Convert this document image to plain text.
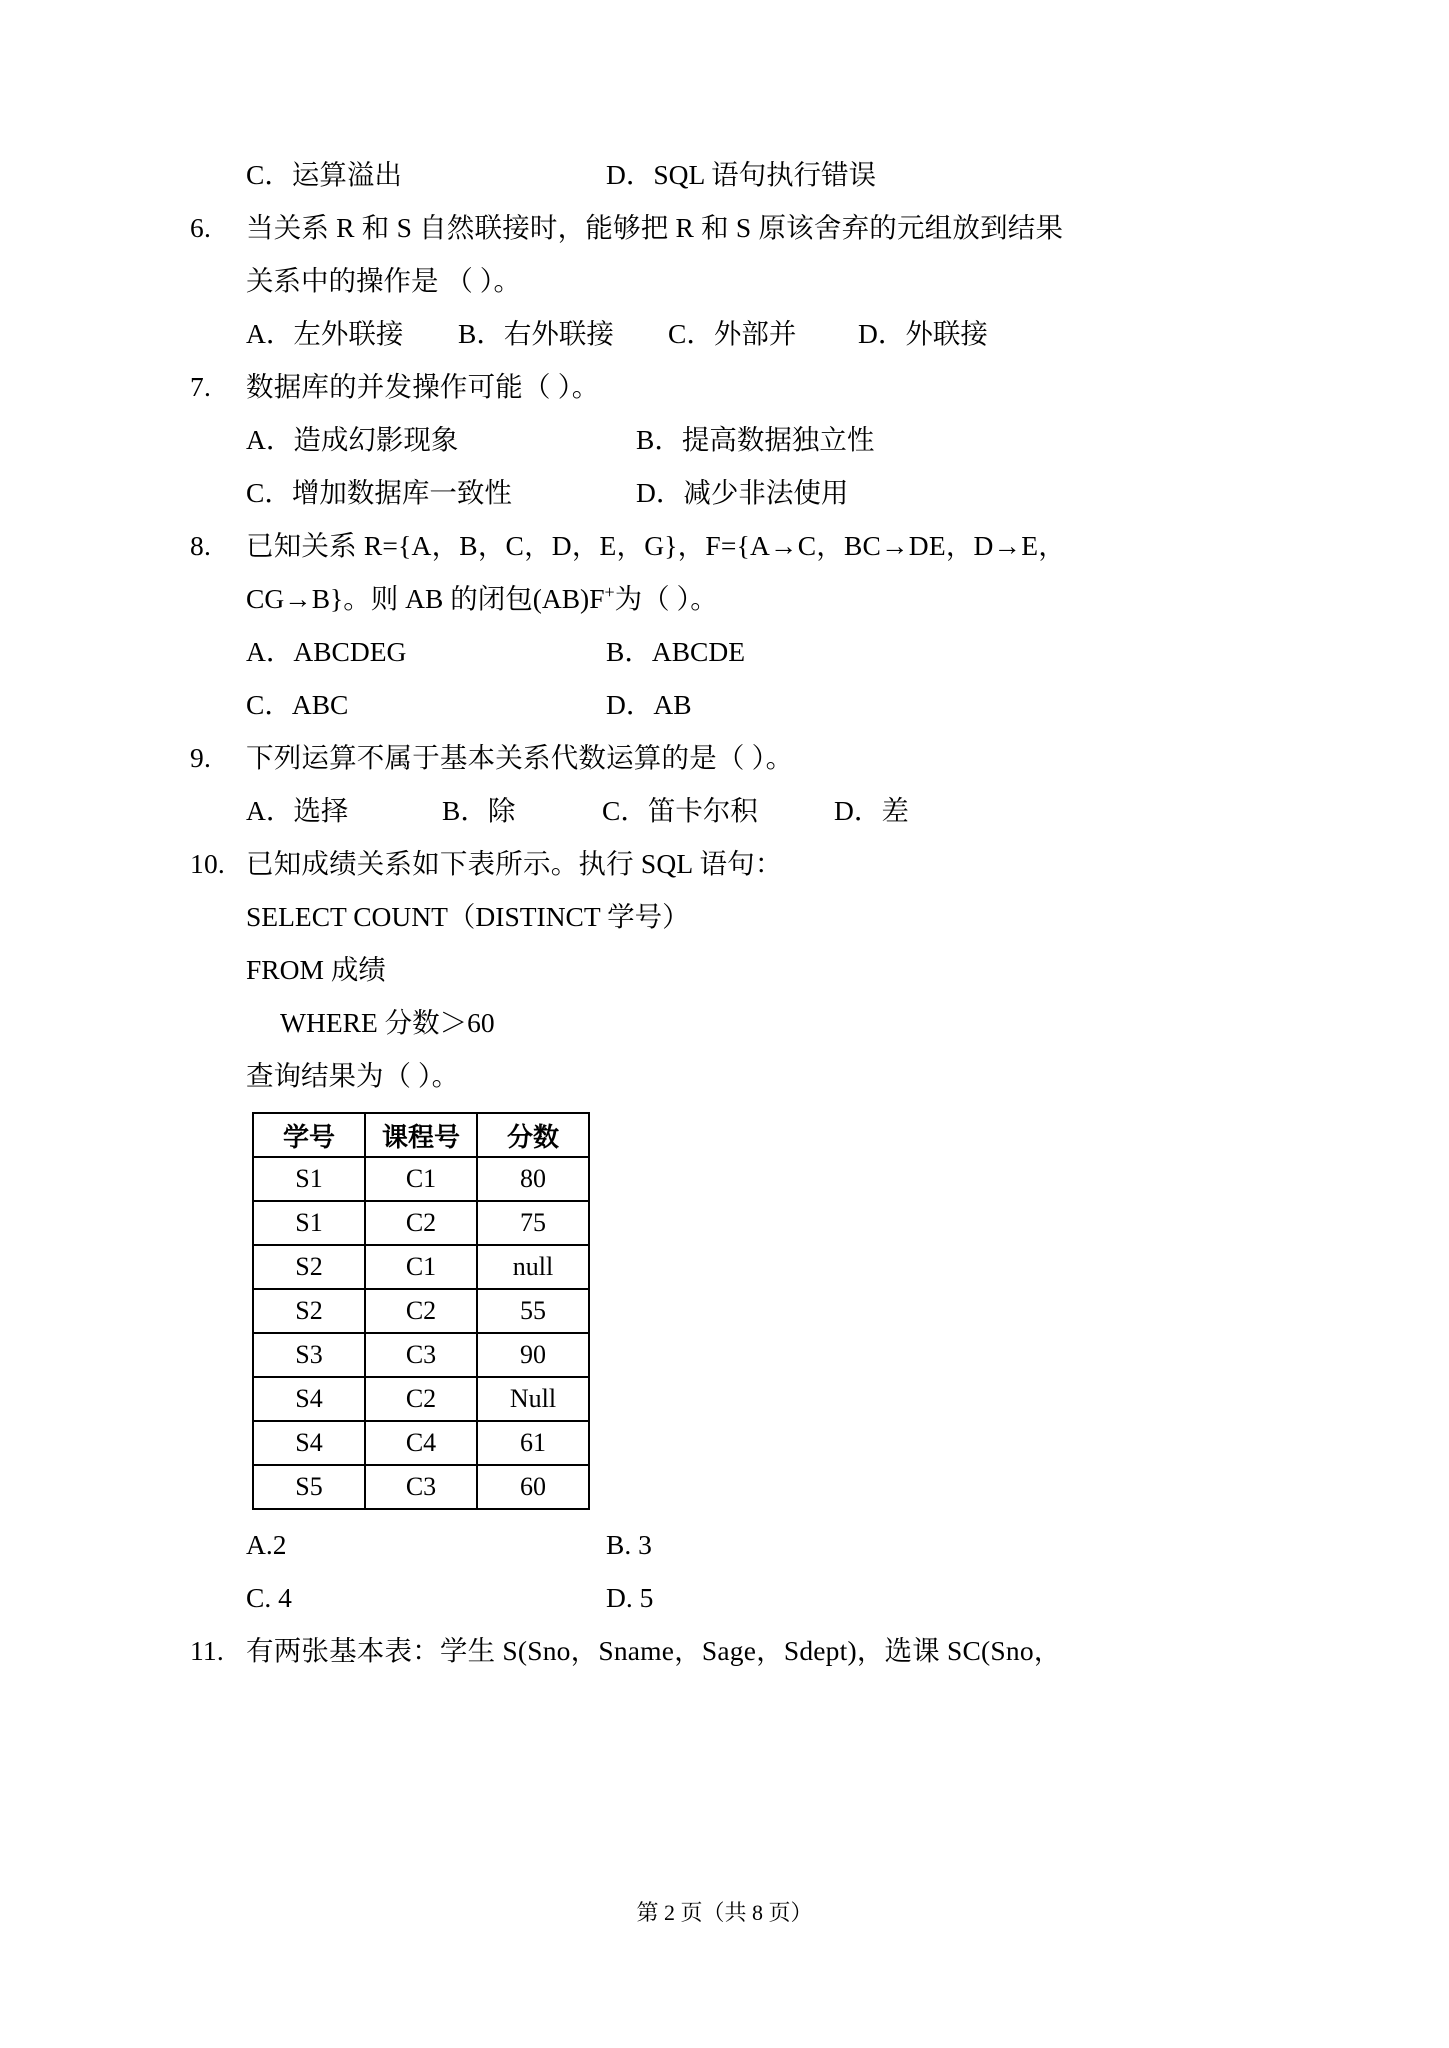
C．运算溢出	D．SQL 语句执行错误
6.	当关系 R 和 S 自然联接时，能够把 R 和 S 原该舍弃的元组放到结果
关系中的操作是 （ ）。
A．左外联接	B．右外联接	C．外部并	D．外联接
7.	数据库的并发操作可能（ ）。
A．造成幻影现象	B．提高数据独立性
C．增加数据库一致性	D．减少非法使用
8.	已知关系 R={A，B，C，D，E，G}，F={A→C，BC→DE，D→E，
CG→B}。则 AB 的闭包(AB)F+为（ ）。
A．ABCDEG	B．ABCDE
C．ABC	D．AB
9.	下列运算不属于基本关系代数运算的是（ ）。
A．选择	B．除	C．笛卡尔积	D．差
10. 已知成绩关系如下表所示。执行 SQL 语句：
SELECT COUNT（DISTINCT 学号）
FROM 成绩
WHERE 分数＞60
查询结果为（ ）。
学号	课程号	分数
S1	C1	80
S1	C2	75
S2	C1	null
S2	C2	55
S3	C3	90
S4	C2	Null
S4	C4	61
S5	C3	60
A.2	B. 3
C. 4	D. 5
11. 有两张基本表：学生 S(Sno，Sname，Sage，Sdept)，选课 SC(Sno，
第 2 页（共 8 页）
